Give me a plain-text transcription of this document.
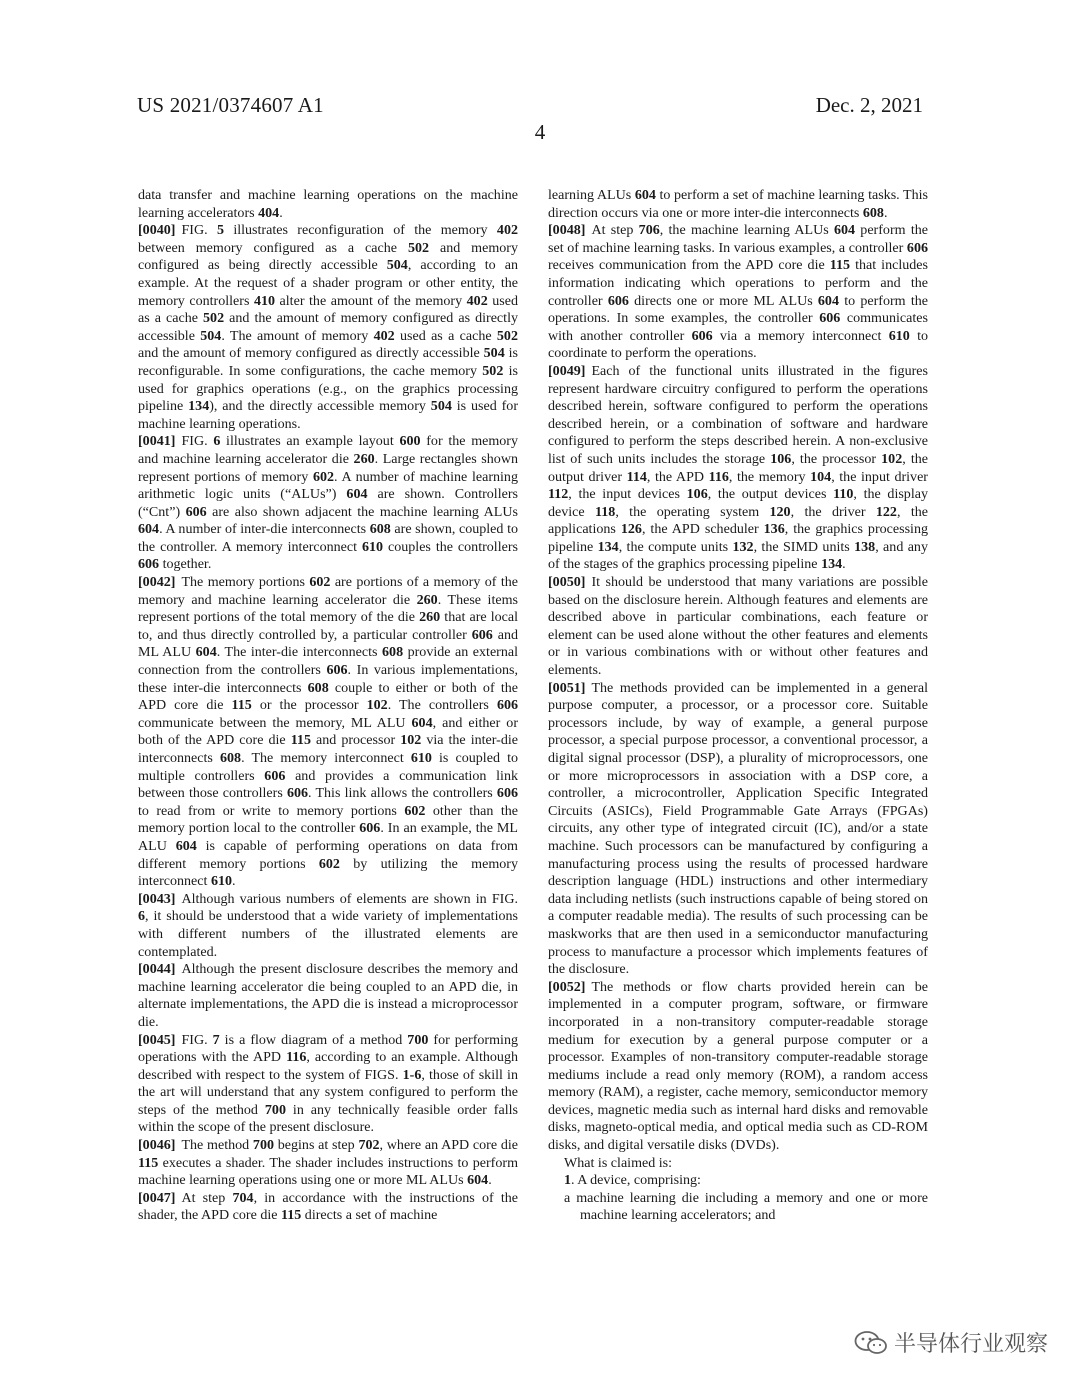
US 2021/0374607 A1	Dec. 2, 2021
4

data transfer and machine learning operations on the machine learning accelerators 404.

[0040] FIG. 5 illustrates reconfiguration of the memory 402 between memory configured as a cache 502 and memory configured as being directly accessible 504, according to an example. At the request of a shader program or other entity, the memory controllers 410 alter the amount of the memory 402 used as a cache 502 and the amount of memory configured as directly accessible 504. The amount of memory 402 used as a cache 502 and the amount of memory configured as directly accessible 504 is reconfigurable. In some configurations, the cache memory 502 is used for graphics operations (e.g., on the graphics processing pipeline 134), and the directly accessible memory 504 is used for machine learning operations.

[0041] FIG. 6 illustrates an example layout 600 for the memory and machine learning accelerator die 260. Large rectangles shown represent portions of memory 602. A number of machine learning arithmetic logic units (“ALUs”) 604 are shown. Controllers (“Cnt”) 606 are also shown adjacent the machine learning ALUs 604. A number of inter-die interconnects 608 are shown, coupled to the controller. A memory interconnect 610 couples the controllers 606 together.

[0042] The memory portions 602 are portions of a memory of the memory and machine learning accelerator die 260. These items represent portions of the total memory of the die 260 that are local to, and thus directly controlled by, a particular controller 606 and ML ALU 604. The inter-die interconnects 608 provide an external connection from the controllers 606. In various implementations, these inter-die interconnects 608 couple to either or both of the APD core die 115 or the processor 102. The controllers 606 communicate between the memory, ML ALU 604, and either or both of the APD core die 115 and processor 102 via the inter-die interconnects 608. The memory interconnect 610 is coupled to multiple controllers 606 and provides a communication link between those controllers 606. This link allows the controllers 606 to read from or write to memory portions 602 other than the memory portion local to the controller 606. In an example, the ML ALU 604 is capable of performing operations on data from different memory portions 602 by utilizing the memory interconnect 610.

[0043] Although various numbers of elements are shown in FIG. 6, it should be understood that a wide variety of implementations with different numbers of the illustrated elements are contemplated.

[0044] Although the present disclosure describes the memory and machine learning accelerator die being coupled to an APD die, in alternate implementations, the APD die is instead a microprocessor die.

[0045] FIG. 7 is a flow diagram of a method 700 for performing operations with the APD 116, according to an example. Although described with respect to the system of FIGS. 1-6, those of skill in the art will understand that any system configured to perform the steps of the method 700 in any technically feasible order falls within the scope of the present disclosure.

[0046] The method 700 begins at step 702, where an APD core die 115 executes a shader. The shader includes instructions to perform machine learning operations using one or more ML ALUs 604.

[0047] At step 704, in accordance with the instructions of the shader, the APD core die 115 directs a set of machine

learning ALUs 604 to perform a set of machine learning tasks. This direction occurs via one or more inter-die interconnects 608.

[0048] At step 706, the machine learning ALUs 604 perform the set of machine learning tasks. In various examples, a controller 606 receives communication from the APD core die 115 that includes information indicating which operations to perform and the controller 606 directs one or more ML ALUs 604 to perform the operations. In some examples, the controller 606 communicates with another controller 606 via a memory interconnect 610 to coordinate to perform the operations.

[0049] Each of the functional units illustrated in the figures represent hardware circuitry configured to perform the operations described herein, software configured to perform the operations described herein, or a combination of software and hardware configured to perform the steps described herein. A non-exclusive list of such units includes the storage 106, the processor 102, the output driver 114, the APD 116, the memory 104, the input driver 112, the input devices 106, the output devices 110, the display device 118, the operating system 120, the driver 122, the applications 126, the APD scheduler 136, the graphics processing pipeline 134, the compute units 132, the SIMD units 138, and any of the stages of the graphics processing pipeline 134.

[0050] It should be understood that many variations are possible based on the disclosure herein. Although features and elements are described above in particular combinations, each feature or element can be used alone without the other features and elements or in various combinations with or without other features and elements.

[0051] The methods provided can be implemented in a general purpose computer, a processor, or a processor core. Suitable processors include, by way of example, a general purpose processor, a special purpose processor, a conventional processor, a digital signal processor (DSP), a plurality of microprocessors, one or more microprocessors in association with a DSP core, a controller, a microcontroller, Application Specific Integrated Circuits (ASICs), Field Programmable Gate Arrays (FPGAs) circuits, any other type of integrated circuit (IC), and/or a state machine. Such processors can be manufactured by configuring a manufacturing process using the results of processed hardware description language (HDL) instructions and other intermediary data including netlists (such instructions capable of being stored on a computer readable media). The results of such processing can be maskworks that are then used in a semiconductor manufacturing process to manufacture a processor which implements features of the disclosure.

[0052] The methods or flow charts provided herein can be implemented in a computer program, software, or firmware incorporated in a non-transitory computer-readable storage medium for execution by a general purpose computer or a processor. Examples of non-transitory computer-readable storage mediums include a read only memory (ROM), a random access memory (RAM), a register, cache memory, semiconductor memory devices, magnetic media such as internal hard disks and removable disks, magneto-optical media, and optical media such as CD-ROM disks, and digital versatile disks (DVDs).

What is claimed is:

1. A device, comprising:

a machine learning die including a memory and one or more machine learning accelerators; and

半导体行业观察
